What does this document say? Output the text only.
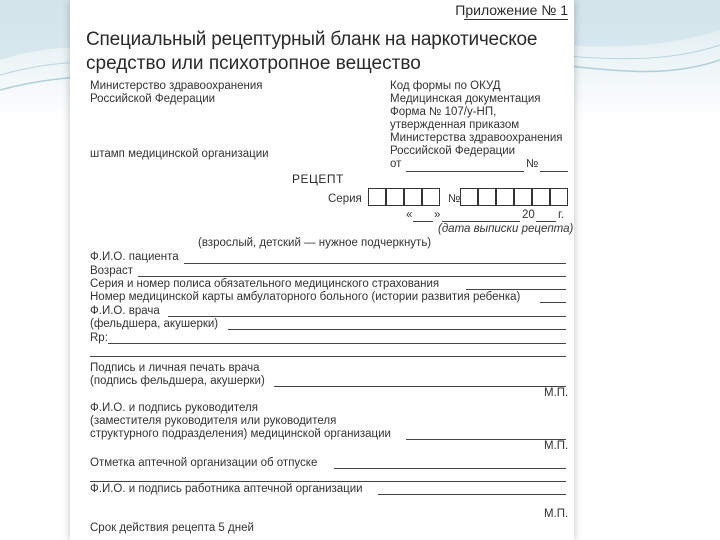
Приложение № 1
Специальный рецептурный бланк на наркотическое
средство или психотропное вещество
Министерство здравоохранения
Российской Федерации
штамп медицинской организации
Код формы по ОКУД
Медицинская документация
Форма № 107/у-НП,
утвержденная приказом
Министерства здравоохранения
Российской Федерации
от	№
РЕЦЕПТ
Серия	№
« »	20 г.
(дата выписки рецепта)
(взрослый, детский — нужное подчеркнуть)
Ф.И.О. пациента
Возраст
Серия и номер полиса обязательного медицинского страхования
Номер медицинской карты амбулаторного больного (истории развития ребенка)
Ф.И.О. врача
(фельдшера, акушерки)
Rp:
Подпись и личная печать врача
(подпись фельдшера, акушерки)
М.П.
Ф.И.О. и подпись руководителя
(заместителя руководителя или руководителя
структурного подразделения) медицинской организации
М.П.
Отметка аптечной организации об отпуске
Ф.И.О. и подпись работника аптечной организации
М.П.
Срок действия рецепта 5 дней
